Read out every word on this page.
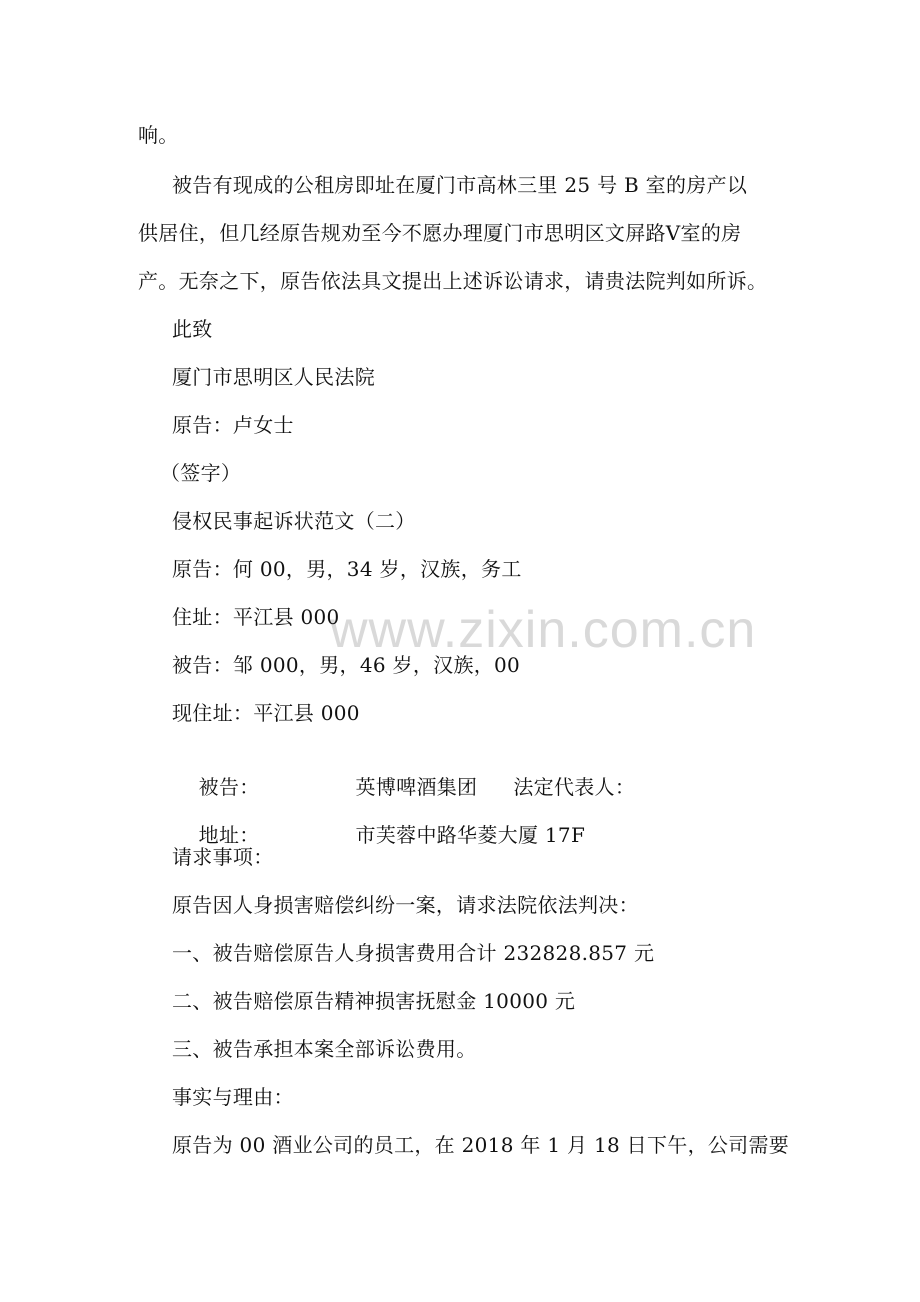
www.zixin.com.cn
响。
被告有现成的公租房即址在厦门市高林三里 25 号 B 室的房产以
供居住，但几经原告规劝至今不愿办理厦门市思明区文屏路V室的房
产。无奈之下，原告依法具文提出上述诉讼请求，请贵法院判如所诉。
此致
厦门市思明区人民法院
原告：卢女士
（签字）
侵权民事起诉状范文（二）
原告：何 00，男，34 岁，汉族，务工
住址：平江县 000
被告：邹 000，男，46 岁，汉族，00
现住址：平江县 000

被告：	英博啤酒集团 法定代表人：

地址：	市芙蓉中路华菱大厦 17F

请求事项：
原告因人身损害赔偿纠纷一案，请求法院依法判决：
一、被告赔偿原告人身损害费用合计 232828.857 元
二、被告赔偿原告精神损害抚慰金 10000 元
三、被告承担本案全部诉讼费用。
事实与理由：
原告为 00 酒业公司的员工，在 2018 年 1 月 18 日下午，公司需要
